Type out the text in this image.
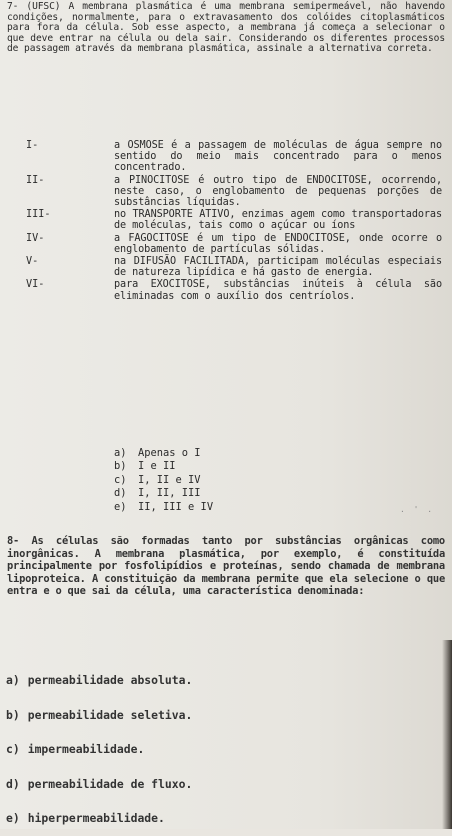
7- (UFSC) A membrana plasmática é uma membrana semipermeável, não havendo condições, normalmente, para o extravasamento dos colóides citoplasmáticos para fora da célula. Sob esse aspecto, a membrana já começa a selecionar o que deve entrar na célula ou dela sair. Considerando os diferentes processos de passagem através da membrana plasmática, assinale a alternativa correta.

I-	a OSMOSE é a passagem de moléculas de água sempre no sentido do meio mais concentrado para o menos concentrado.
II-	a PINOCITOSE é outro tipo de ENDOCITOSE, ocorrendo, neste caso, o englobamento de pequenas porções de substâncias líquidas.
III-	no TRANSPORTE ATIVO, enzimas agem como transportadoras de moléculas, tais como o açúcar ou íons
IV-	a FAGOCITOSE é um tipo de ENDOCITOSE, onde ocorre o englobamento de partículas sólidas.
V-	na DIFUSÃO FACILITADA, participam moléculas especiais de natureza lipídica e há gasto de energia.
VI-	para EXOCITOSE, substâncias inúteis à célula são eliminadas com o auxílio dos centríolos.
a)	Apenas o I
b)	I e II
c)	I, II e IV
d)	I, II, III
e)	II, III e IV	. ' .

8- As células são formadas tanto por substâncias orgânicas como inorgânicas. A membrana plasmática, por exemplo, é constituída principalmente por fosfolipídios e proteínas, sendo chamada de membrana lipoproteica. A constituição da membrana permite que ela selecione o que entra e o que sai da célula, uma característica denominada:

a) permeabilidade absoluta.
b) permeabilidade seletiva.
c) impermeabilidade.
d) permeabilidade de fluxo.
e) hiperpermeabilidade.
